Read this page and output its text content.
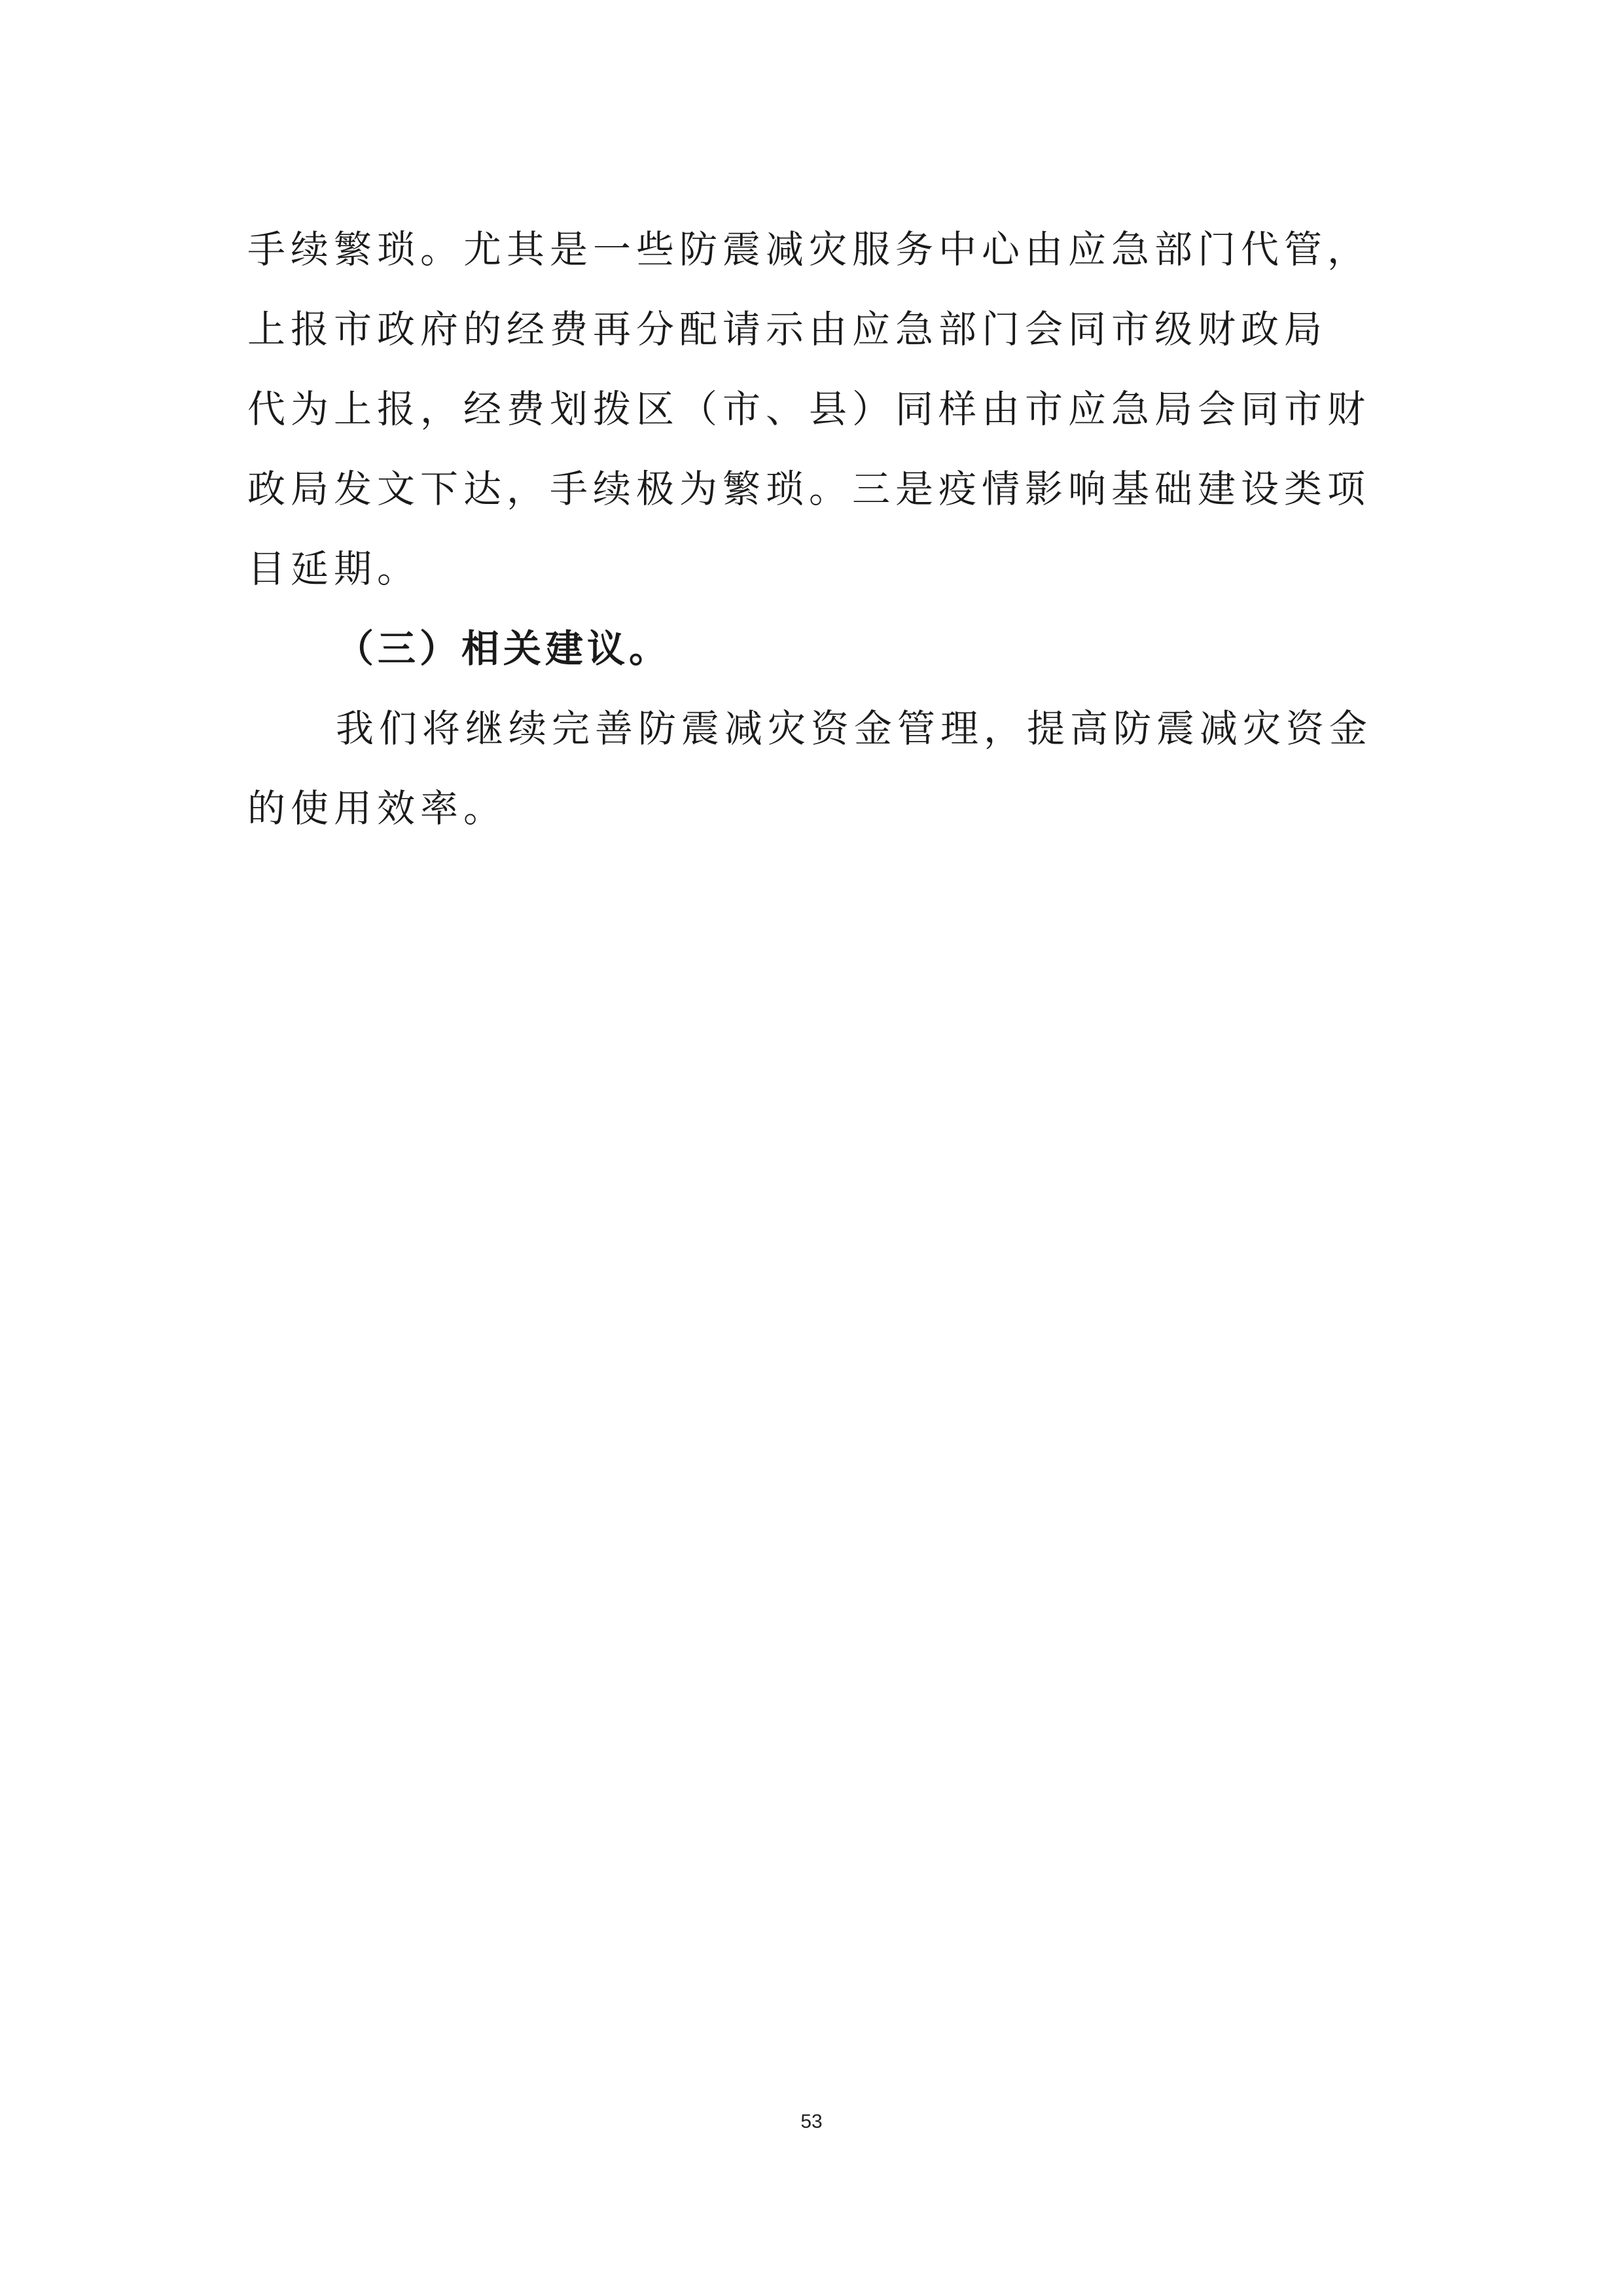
手续繁琐。尤其是一些防震减灾服务中心由应急部门代管，
上报市政府的经费再分配请示由应急部门会同市级财政局
代为上报，经费划拨区（市、县）同样由市应急局会同市财
政局发文下达，手续极为繁琐。三是疫情影响基础建设类项
目延期。
（三）相关建议。
我们将继续完善防震减灾资金管理，提高防震减灾资金
的使用效率。
53
